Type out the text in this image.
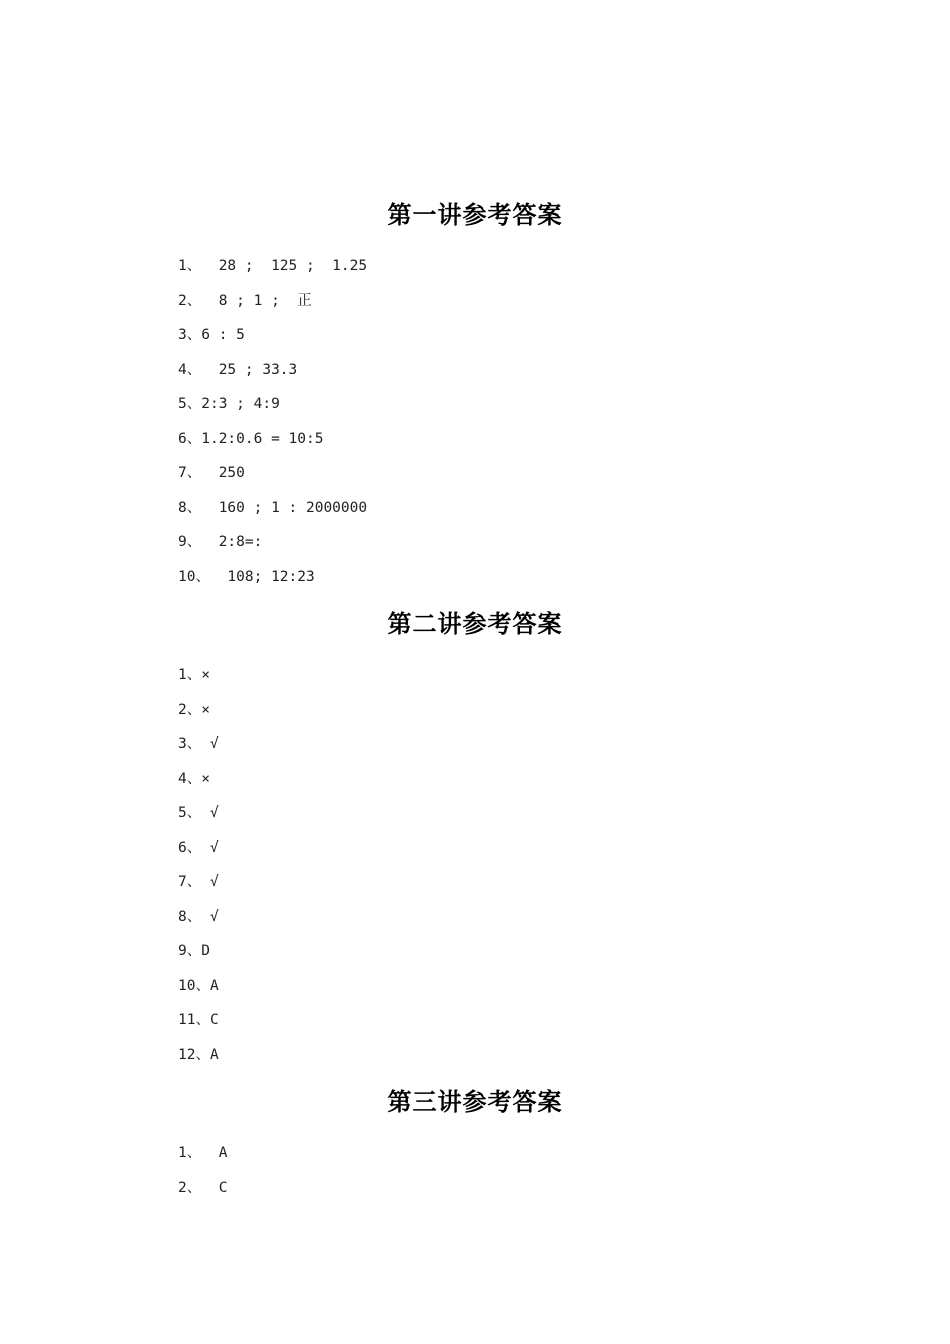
第一讲参考答案
1、  28 ;  125 ;  1.25
2、  8 ; 1 ;  正
3、6 : 5
4、  25 ; 33.3
5、2:3 ; 4:9
6、1.2:0.6 = 10:5
7、  250
8、  160 ; 1 : 2000000
9、  2:8=:
10、  108; 12:23
第二讲参考答案
1、×
2、×
3、 √
4、×
5、 √
6、 √
7、 √
8、 √
9、D
10、A
11、C
12、A
第三讲参考答案
1、  A
2、  C
